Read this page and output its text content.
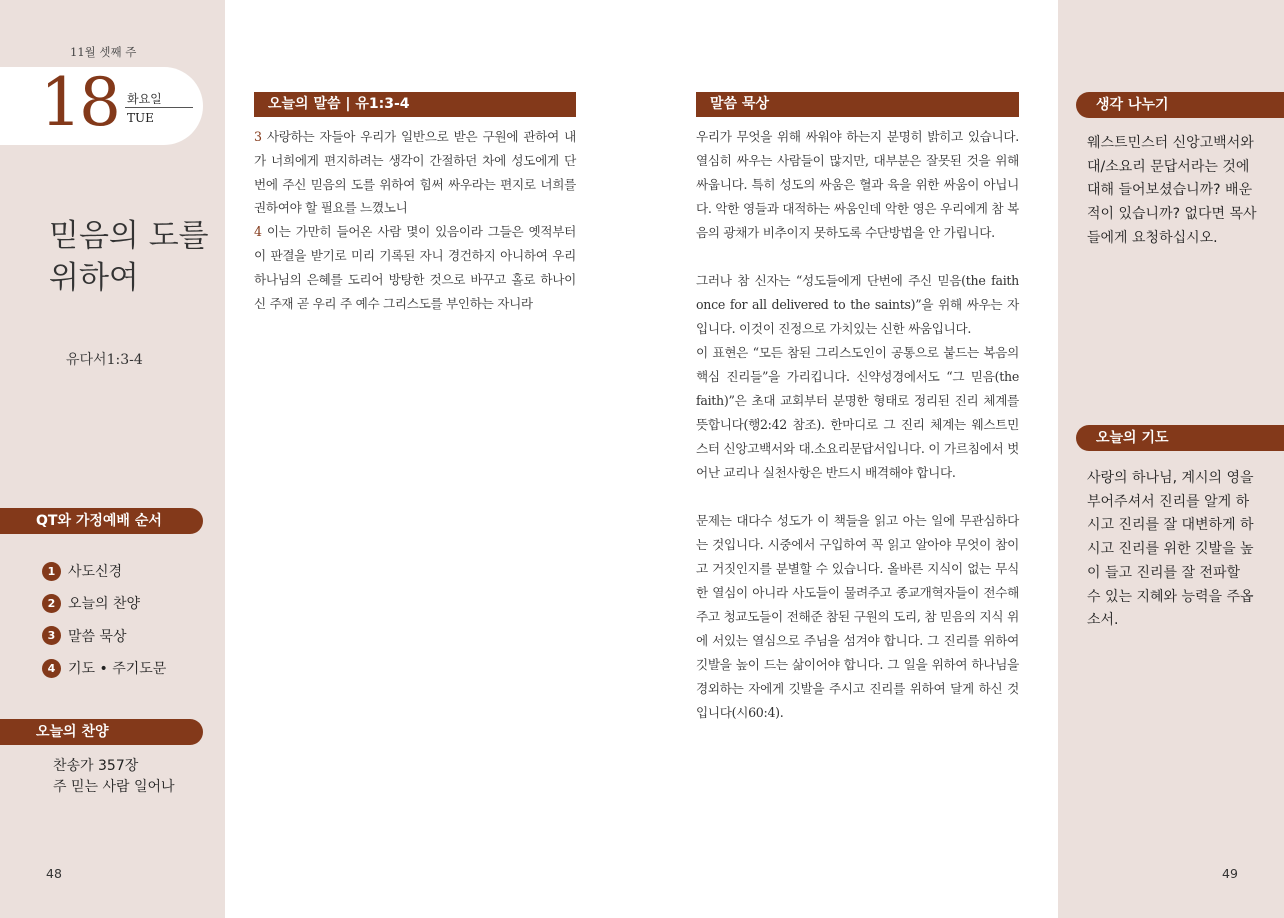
11월 셋째 주
18 화요일
TUE
믿음의 도를
위하여
유다서1:3-4
QT와 가정예배 순서
1 사도신경
2 오늘의 찬양
3 말씀 묵상
4 기도 • 주기도문
오늘의 찬양
찬송가 357장
주 믿는 사람 일어나
48
오늘의 말씀 | 유1:3-4
3 사랑하는 자들아 우리가 일반으로 받은 구원에 관하여 내가 너희에게 편지하려는 생각이 간절하던 차에 성도에게 단번에 주신 믿음의 도를 위하여 힘써 싸우라는 편지로 너희를 권하여야 할 필요를 느꼈노니
4 이는 가만히 들어온 사람 몇이 있음이라 그들은 옛적부터 이 판결을 받기로 미리 기록된 자니 경건하지 아니하여 우리 하나님의 은혜를 도리어 방탕한 것으로 바꾸고 홀로 하나이신 주재 곧 우리 주 예수 그리스도를 부인하는 자니라
말씀 묵상

우리가 무엇을 위해 싸워야 하는지 분명히 밝히고 있습니다. 열심히 싸우는 사람들이 많지만, 대부분은 잘못된 것을 위해 싸웁니다. 특히 성도의 싸움은 혈과 육을 위한 싸움이 아닙니다. 악한 영들과 대적하는 싸움인데 악한 영은 우리에게 참 복음의 광채가 비추이지 못하도록 수단방법을 안 가립니다.

그러나 참 신자는 “성도들에게 단번에 주신 믿음(the faith once for all delivered to the saints)”을 위해 싸우는 자입니다. 이것이 진정으로 가치있는 신한 싸움입니다.

이 표현은 “모든 참된 그리스도인이 공통으로 붙드는 복음의 핵심 진리들”을 가리킵니다. 신약성경에서도 “그 믿음(the faith)”은 초대 교회부터 분명한 형태로 정리된 진리 체계를 뜻합니다(행2:42 참조). 한마디로 그 진리 체계는 웨스트민스터 신앙고백서와 대.소요리문답서입니다. 이 가르침에서 벗어난 교리나 실천사항은 반드시 배격해야 합니다.

문제는 대다수 성도가 이 책들을 읽고 아는 일에 무관심하다는 것입니다. 시중에서 구입하여 꼭 읽고 알아야 무엇이 참이고 거짓인지를 분별할 수 있습니다. 올바른 지식이 없는 무식한 열심이 아니라 사도들이 물려주고 종교개혁자들이 전수해 주고 청교도들이 전해준 참된 구원의 도리, 참 믿음의 지식 위에 서있는 열심으로 주님을 섬겨야 합니다. 그 진리를 위하여 깃발을 높이 드는 삶이어야 합니다. 그 일을 위하여 하나님을 경외하는 자에게 깃발을 주시고 진리를 위하여 달게 하신 것입니다(시60:4).

생각 나누기
웨스트민스터 신앙고백서와 대/소요리 문답서라는 것에 대해 들어보셨습니까? 배운 적이 있습니까? 없다면 목사들에게 요청하십시오.
오늘의 기도
사랑의 하나님, 계시의 영을 부어주셔서 진리를 알게 하시고 진리를 잘 대변하게 하시고 진리를 위한 깃발을 높이 들고 진리를 잘 전파할 수 있는 지혜와 능력을 주옵소서.
49
